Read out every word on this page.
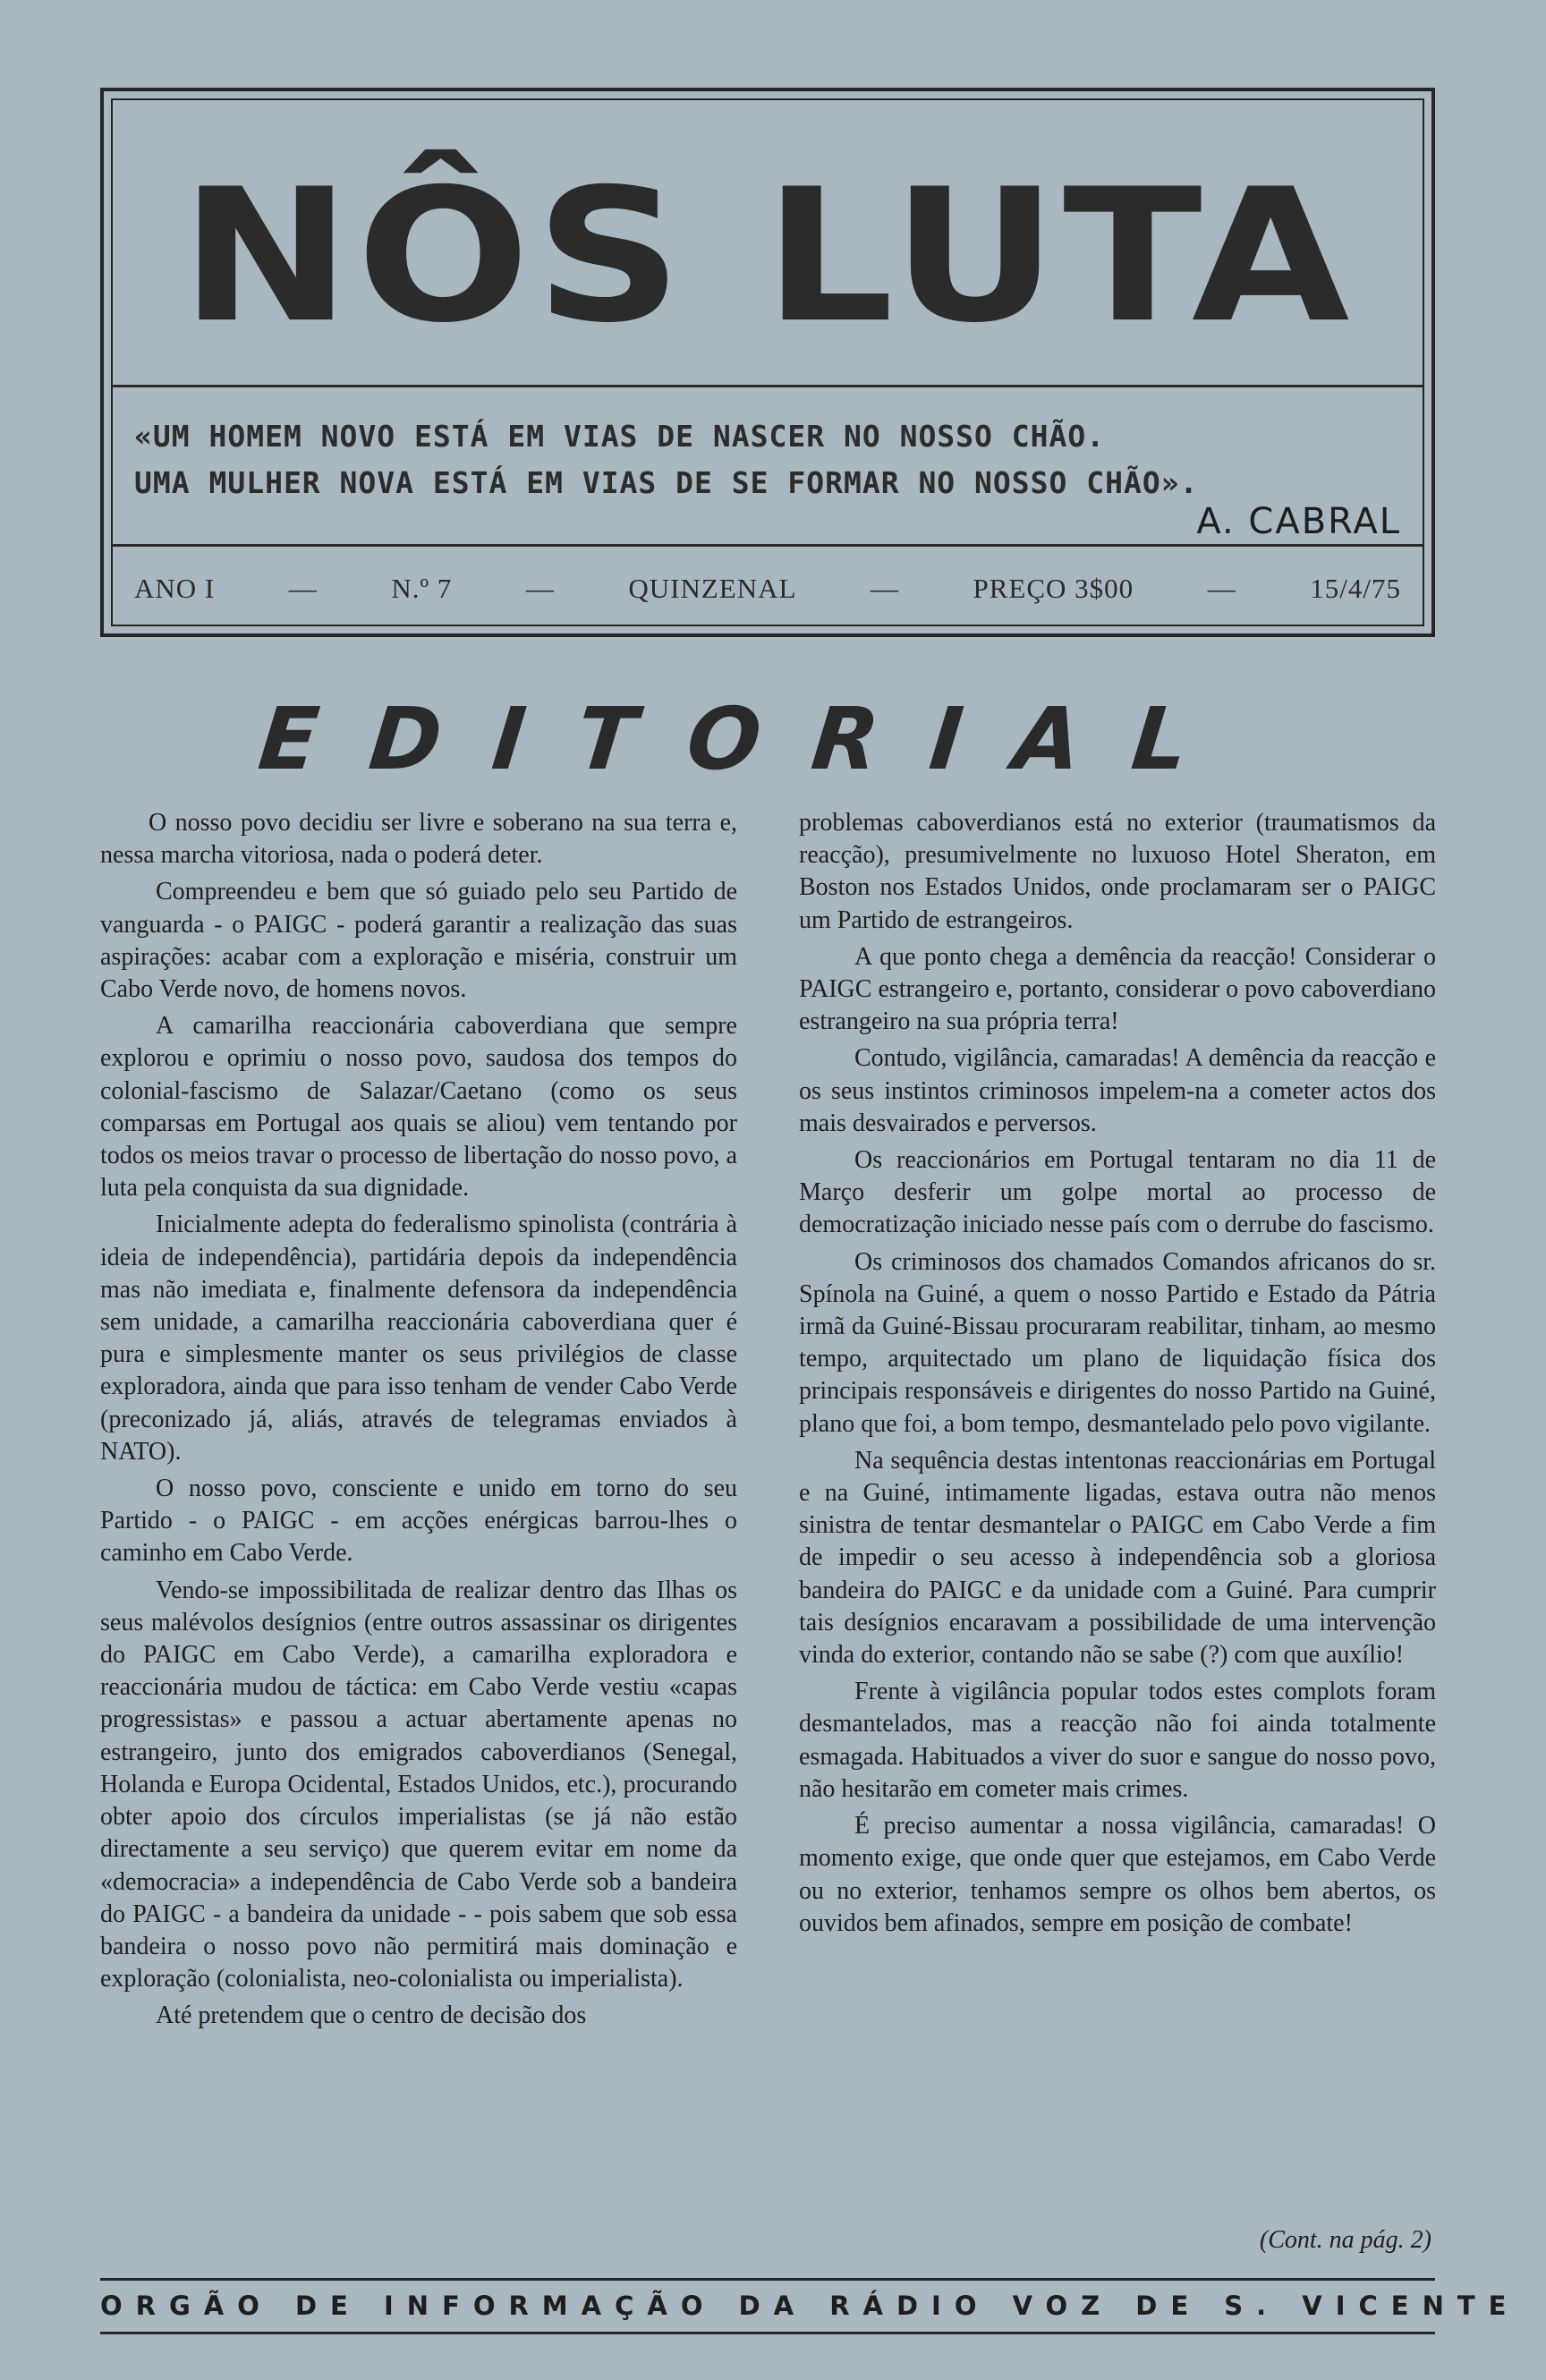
NÔS LUTA
«UM HOMEM NOVO ESTÁ EM VIAS DE NASCER NO NOSSO CHÃO.
UMA MULHER NOVA ESTÁ EM VIAS DE SE FORMAR NO NOSSO CHÃO».
A. CABRAL
ANO I	—	N.º 7	—	QUINZENAL	—	PREÇO 3$00	—	15/4/75
EDITORIAL

O nosso povo decidiu ser livre e soberano na sua terra e, nessa marcha vitoriosa, nada o poderá deter.

Compreendeu e bem que só guiado pelo seu Partido de vanguarda - o PAIGC - poderá garantir a realização das suas aspirações: acabar com a exploração e miséria, construir um Cabo Verde novo, de homens novos.

A camarilha reaccionária caboverdiana que sempre explorou e oprimiu o nosso povo, saudosa dos tempos do colonial-fascismo de Salazar/Caetano (como os seus comparsas em Portugal aos quais se aliou) vem tentando por todos os meios travar o processo de libertação do nosso povo, a luta pela conquista da sua dignidade.

Inicialmente adepta do federalismo spinolista (contrária à ideia de independência), partidária depois da independência mas não imediata e, finalmente defensora da independência sem unidade, a camarilha reaccionária caboverdiana quer é pura e simplesmente manter os seus privilégios de classe exploradora, ainda que para isso tenham de vender Cabo Verde (preconizado já, aliás, através de telegramas enviados à NATO).

O nosso povo, consciente e unido em torno do seu Partido - o PAIGC - em acções enérgicas barrou-lhes o caminho em Cabo Verde.

Vendo-se impossibilitada de realizar dentro das Ilhas os seus malévolos desígnios (entre outros assassinar os dirigentes do PAIGC em Cabo Verde), a camarilha exploradora e reaccionária mudou de táctica: em Cabo Verde vestiu «capas progressistas» e passou a actuar abertamente apenas no estrangeiro, junto dos emigrados caboverdianos (Senegal, Holanda e Europa Ocidental, Estados Unidos, etc.), procurando obter apoio dos círculos imperialistas (se já não estão directamente a seu serviço) que querem evitar em nome da «democracia» a independência de Cabo Verde sob a bandeira do PAIGC - a bandeira da unidade - - pois sabem que sob essa bandeira o nosso povo não permitirá mais dominação e exploração (colonialista, neo-colonialista ou imperialista).

Até pretendem que o centro de decisão dos

problemas caboverdianos está no exterior (traumatismos da reacção), presumivelmente no luxuoso Hotel Sheraton, em Boston nos Estados Unidos, onde proclamaram ser o PAIGC um Partido de estrangeiros.

A que ponto chega a demência da reacção! Considerar o PAIGC estrangeiro e, portanto, considerar o povo caboverdiano estrangeiro na sua própria terra!

Contudo, vigilância, camaradas! A demência da reacção e os seus instintos criminosos impelem-na a cometer actos dos mais desvairados e perversos.

Os reaccionários em Portugal tentaram no dia 11 de Março desferir um golpe mortal ao processo de democratização iniciado nesse país com o derrube do fascismo.

Os criminosos dos chamados Comandos africanos do sr. Spínola na Guiné, a quem o nosso Partido e Estado da Pátria irmã da Guiné-Bissau procuraram reabilitar, tinham, ao mesmo tempo, arquitectado um plano de liquidação física dos principais responsáveis e dirigentes do nosso Partido na Guiné, plano que foi, a bom tempo, desmantelado pelo povo vigilante.

Na sequência destas intentonas reaccionárias em Portugal e na Guiné, intimamente ligadas, estava outra não menos sinistra de tentar desmantelar o PAIGC em Cabo Verde a fim de impedir o seu acesso à independência sob a gloriosa bandeira do PAIGC e da unidade com a Guiné. Para cumprir tais desígnios encaravam a possibilidade de uma intervenção vinda do exterior, contando não se sabe (?) com que auxílio!

Frente à vigilância popular todos estes complots foram desmantelados, mas a reacção não foi ainda totalmente esmagada. Habituados a viver do suor e sangue do nosso povo, não hesitarão em cometer mais crimes.

É preciso aumentar a nossa vigilância, camaradas! O momento exige, que onde quer que estejamos, em Cabo Verde ou no exterior, tenhamos sempre os olhos bem abertos, os ouvidos bem afinados, sempre em posição de combate!

(Cont. na pág. 2)
ORGÃO DE INFORMAÇÃO DA RÁDIO VOZ DE S. VICENTE
